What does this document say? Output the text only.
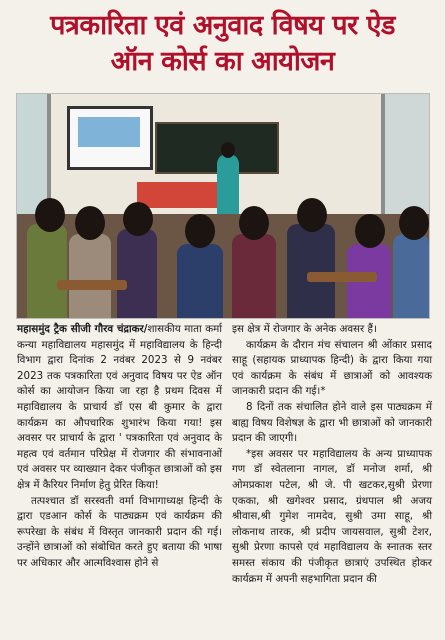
पत्रकारिता एवं अनुवाद विषय पर ऐड
ऑन कोर्स का आयोजन

महासमुंद ट्रैक सीजी गौरव चंद्राकर/शासकीय माता कर्मा कन्या महाविद्यालय महासमुंद में महाविद्यालय के हिन्दी विभाग द्वारा दिनांक 2 नवंबर 2023 से 9 नवंबर 2023 तक पत्रकारिता एवं अनुवाद विषय पर ऐड ऑन कोर्स का आयोजन किया जा रहा है प्रथम दिवस में महाविद्यालय के प्राचार्य डॉ एस बी कुमार के द्वारा कार्यक्रम का औपचारिक शुभारंभ किया गया! इस अवसर पर प्राचार्य के द्वारा ' पत्रकारिता एवं अनुवाद के महत्व एवं वर्तमान परिप्रेक्ष में रोजगार की संभावनाओं एवं अवसर पर व्याख्यान देकर पंजीकृत छात्राओं को इस क्षेत्र में कैरियर निर्माण हेतु प्रेरित किया!

तत्पश्चात डॉ सरस्वती वर्मा विभागाध्यक्ष हिन्दी के द्वारा एडआन कोर्स के पाठ्यक्रम एवं कार्यक्रम की रूपरेखा के संबंध में विस्तृत जानकारी प्रदान की गई। उन्होंने छात्राओं को संबोधित करते हुए बताया की भाषा पर अधिकार और आत्मविश्वास होने से

इस क्षेत्र में रोजगार के अनेक अवसर हैं।

कार्यक्रम के दौरान मंच संचालन श्री ओंकार प्रसाद साहू (सहायक प्राध्यापक हिन्दी) के द्वारा किया गया एवं कार्यक्रम के संबंध में छात्राओं को आवश्यक जानकारी प्रदान की गई।*

8 दिनों तक संचालित होने वाले इस पाठ्यक्रम में बाह्य विषय विशेषज्ञ के द्वारा भी छात्राओं को जानकारी प्रदान की जाएगी।

*इस अवसर पर महाविद्यालय के अन्य प्राध्यापक गण डॉ स्वेतलाना नागल, डॉ मनोज शर्मा, श्री ओमप्रकाश पटेल, श्री जे. पी खटकर,सुश्री प्रेरणा एकका, श्री खगेश्वर प्रसाद, ग्रंथपाल श्री अजय श्रीवास,श्री गुमेश नामदेव, सुश्री उमा साहू, श्री लोकनाथ तारक, श्री प्रदीप जायसवाल, सुश्री टेशर, सुश्री प्रेरणा कापसे एवं महाविद्यालय के स्नातक स्तर समस्त संकाय की पंजीकृत छात्राएं उपस्थित होकर कार्यक्रम में अपनी सहभागिता प्रदान की
